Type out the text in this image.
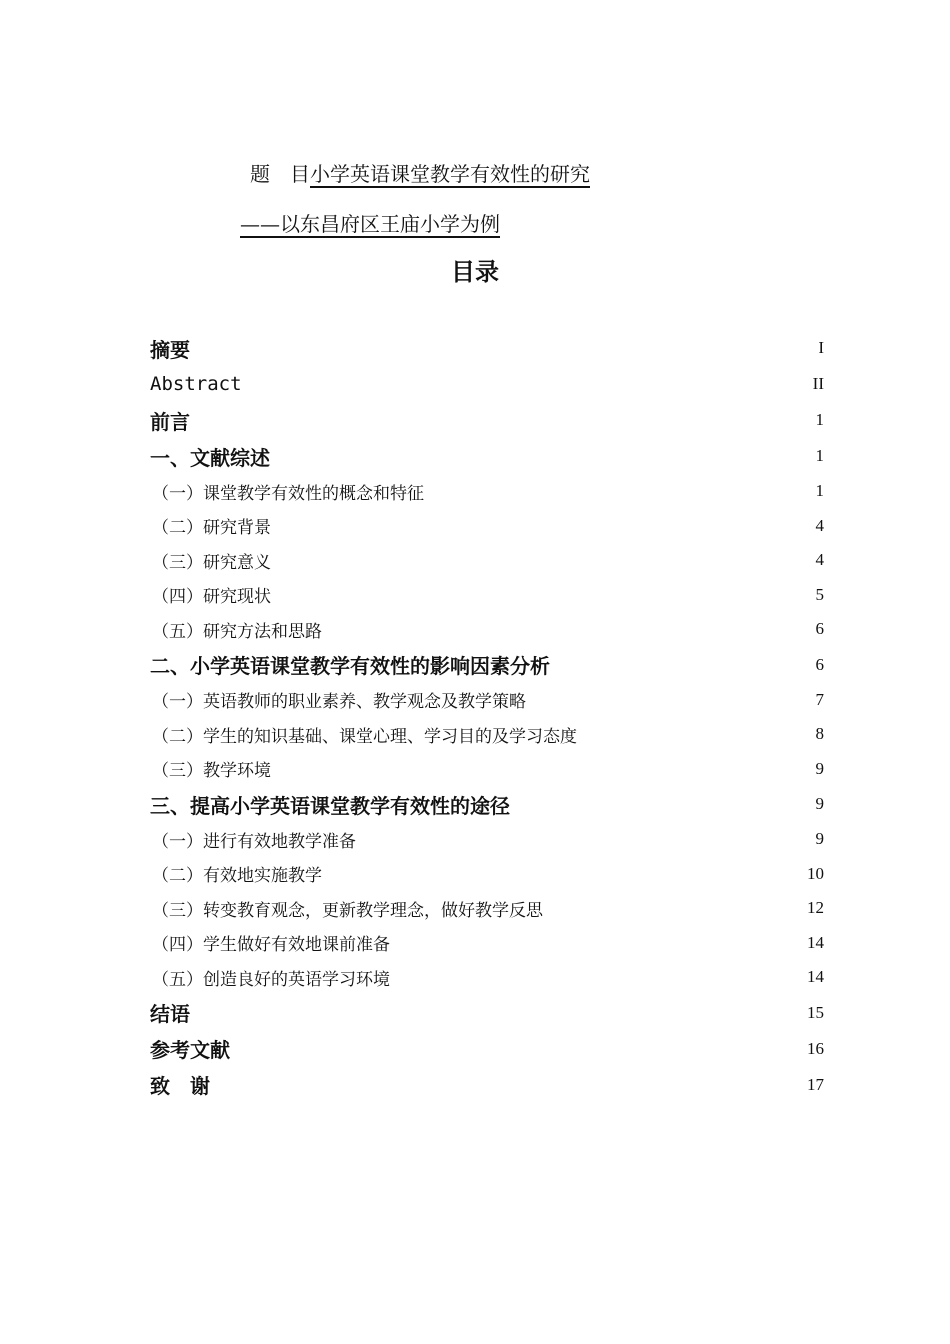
题 目小学英语课堂教学有效性的研究
——以东昌府区王庙小学为例
目录
摘要	I
Abstract	II
前言	1
一、文献综述	1
（一）课堂教学有效性的概念和特征	1
（二）研究背景	4
（三）研究意义	4
（四）研究现状	5
（五）研究方法和思路	6
二、小学英语课堂教学有效性的影响因素分析	6
（一）英语教师的职业素养、教学观念及教学策略	7
（二）学生的知识基础、课堂心理、学习目的及学习态度	8
（三）教学环境	9
三、提高小学英语课堂教学有效性的途径	9
（一）进行有效地教学准备	9
（二）有效地实施教学	10
（三）转变教育观念，更新教学理念，做好教学反思	12
（四）学生做好有效地课前准备	14
（五）创造良好的英语学习环境	14
结语	15
参考文献	16
致　谢	17
